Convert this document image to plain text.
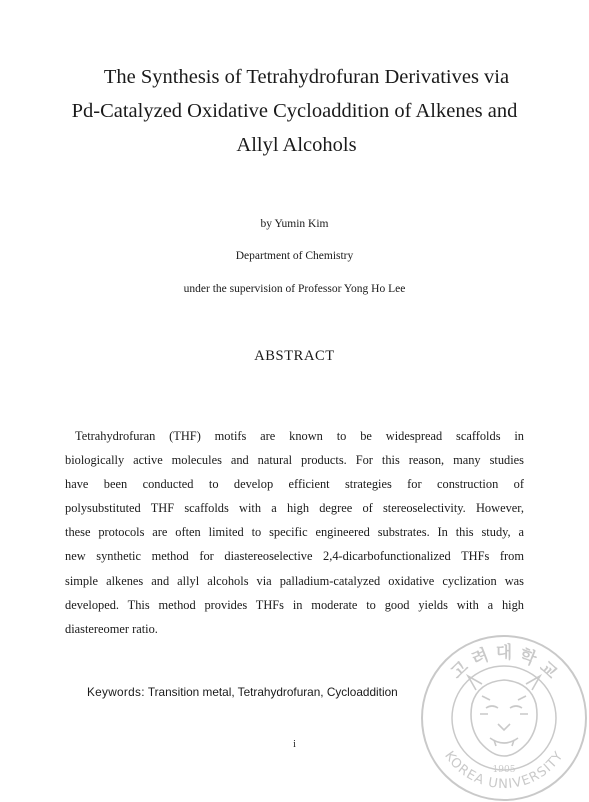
The Synthesis of Tetrahydrofuran Derivatives via
Pd-Catalyzed Oxidative Cycloaddition of Alkenes and
Allyl Alcohols
by Yumin Kim
Department of Chemistry
under the supervision of Professor Yong Ho Lee
ABSTRACT
Tetrahydrofuran (THF) motifs are known to be widespread scaffolds in
biologically active molecules and natural products. For this reason, many studies
have been conducted to develop efficient strategies for construction of
polysubstituted THF scaffolds with a high degree of stereoselectivity. However,
these protocols are often limited to specific engineered substrates. In this study, a
new synthetic method for diastereoselective 2,4-dicarbofunctionalized THFs from
simple alkenes and allyl alcohols via palladium-catalyzed oxidative cyclization was
developed. This method provides THFs in moderate to good yields with a high
diastereomer ratio.
Keywords: Transition metal, Tetrahydrofuran, Cycloaddition
i
고 려 대 학 교
KOREA UNIVERSITY
1905
